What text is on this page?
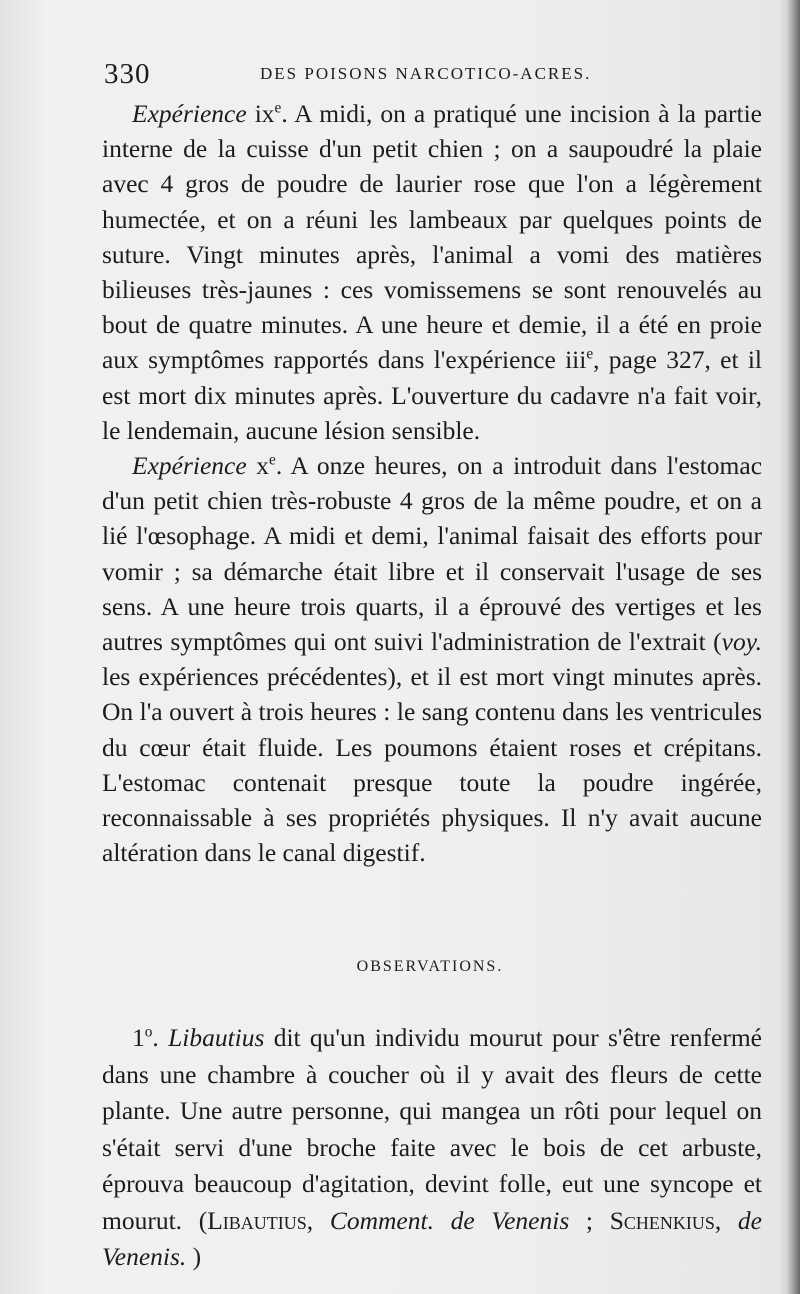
330	DES POISONS NARCOTICO-ACRES.

Expérience $ix^e$. A midi, on a pratiqué une incision à la partie interne de la cuisse d'un petit chien ; on a saupoudré la plaie avec 4 gros de poudre de laurier rose que l'on a légèrement humectée, et on a réuni les lambeaux par quelques points de suture. Vingt minutes après, l'animal a vomi des matières bilieuses très-jaunes : ces vomissemens se sont renouvelés au bout de quatre minutes. A une heure et demie, il a été en proie aux symptômes rapportés dans l'expérience iii$^e$, page 327, et il est mort dix minutes après. L'ouverture du cadavre n'a fait voir, le lendemain, aucune lésion sensible.

Expérience $x^e$. A onze heures, on a introduit dans l'estomac d'un petit chien très-robuste 4 gros de la même poudre, et on a lié l'œsophage. A midi et demi, l'animal faisait des efforts pour vomir ; sa démarche était libre et il conservait l'usage de ses sens. A une heure trois quarts, il a éprouvé des vertiges et les autres symptômes qui ont suivi l'administration de l'extrait (voy. les expériences précédentes), et il est mort vingt minutes après. On l'a ouvert à trois heures : le sang contenu dans les ventricules du cœur était fluide. Les poumons étaient roses et crépitans. L'estomac contenait presque toute la poudre ingérée, reconnaissable à ses propriétés physiques. Il n'y avait aucune altération dans le canal digestif.

OBSERVATIONS.

1$^o$. Libautius dit qu'un individu mourut pour s'être renfermé dans une chambre à coucher où il y avait des fleurs de cette plante. Une autre personne, qui mangea un rôti pour lequel on s'était servi d'une broche faite avec le bois de cet arbuste, éprouva beaucoup d'agitation, devint folle, eut une syncope et mourut. (Libautius, Comment. de Venenis ; Schenkius, de Venenis. )
